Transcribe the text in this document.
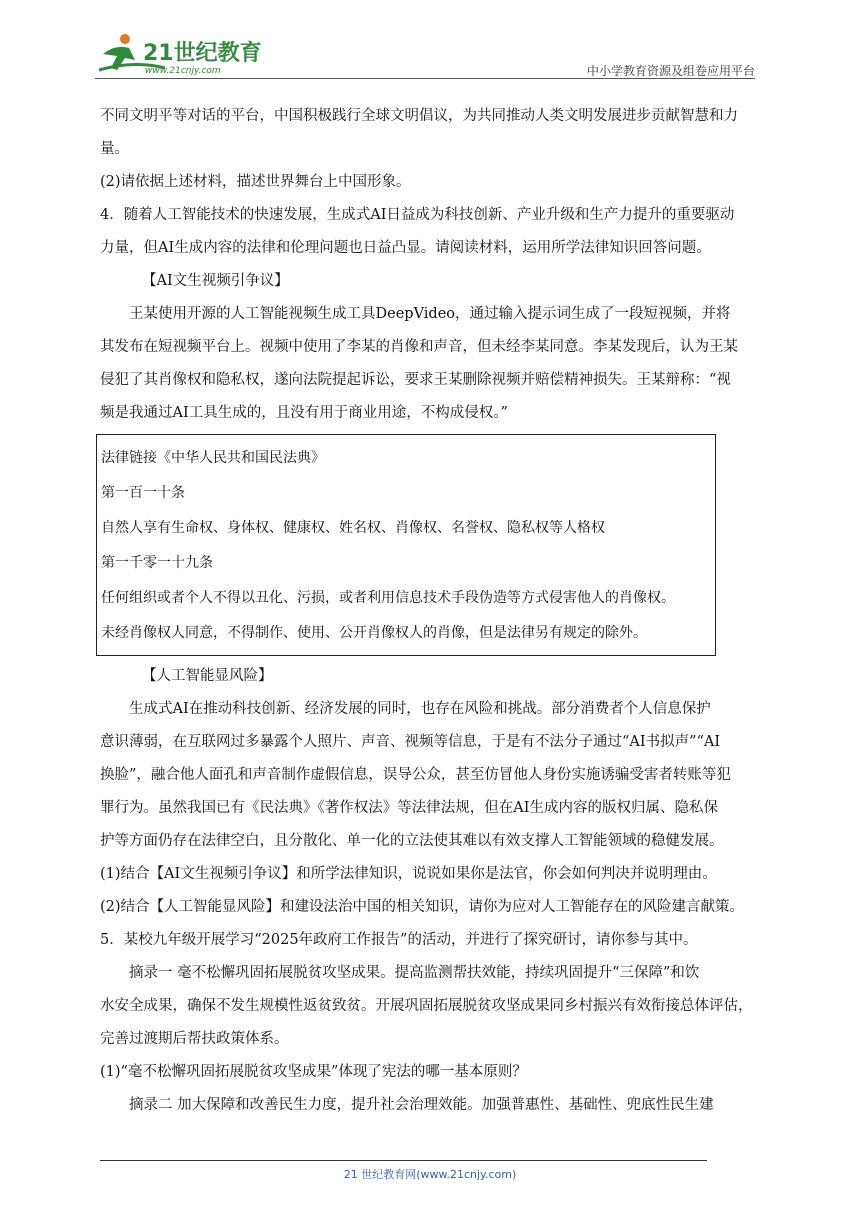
21世纪教育
www.21cnjy.com	中小学教育资源及组卷应用平台

不同文明平等对话的平台，中国积极践行全球文明倡议，为共同推动人类文明发展进步贡献智慧和力

量。

(2)请依据上述材料，描述世界舞台上中国形象。

4．随着人工智能技术的快速发展，生成式AI日益成为科技创新、产业升级和生产力提升的重要驱动

力量，但AI生成内容的法律和伦理问题也日益凸显。请阅读材料，运用所学法律知识回答问题。

【AI文生视频引争议】

王某使用开源的人工智能视频生成工具DeepVideo，通过输入提示词生成了一段短视频，并将

其发布在短视频平台上。视频中使用了李某的肖像和声音，但未经李某同意。李某发现后，认为王某

侵犯了其肖像权和隐私权，遂向法院提起诉讼，要求王某删除视频并赔偿精神损失。王某辩称：“视

频是我通过AI工具生成的，且没有用于商业用途，不构成侵权。”

法律链接《中华人民共和国民法典》

第一百一十条

自然人享有生命权、身体权、健康权、姓名权、肖像权、名誉权、隐私权等人格权

第一千零一十九条

任何组织或者个人不得以丑化、污损，或者利用信息技术手段伪造等方式侵害他人的肖像权。

未经肖像权人同意，不得制作、使用、公开肖像权人的肖像，但是法律另有规定的除外。

【人工智能显风险】

生成式AI在推动科技创新、经济发展的同时，也存在风险和挑战。部分消费者个人信息保护

意识薄弱，在互联网过多暴露个人照片、声音、视频等信息，于是有不法分子通过“AI书拟声”“AI

换脸”，融合他人面孔和声音制作虚假信息，误导公众，甚至仿冒他人身份实施诱骗受害者转账等犯

罪行为。虽然我国已有《民法典》《著作权法》等法律法规，但在AI生成内容的版权归属、隐私保

护等方面仍存在法律空白，且分散化、单一化的立法使其难以有效支撑人工智能领域的稳健发展。

(1)结合【AI文生视频引争议】和所学法律知识，说说如果你是法官，你会如何判决并说明理由。

(2)结合【人工智能显风险】和建设法治中国的相关知识，请你为应对人工智能存在的风险建言献策。

5．某校九年级开展学习“2025年政府工作报告”的活动，并进行了探究研讨，请你参与其中。

摘录一 毫不松懈巩固拓展脱贫攻坚成果。提高监测帮扶效能，持续巩固提升“三保障”和饮

水安全成果，确保不发生规模性返贫致贫。开展巩固拓展脱贫攻坚成果同乡村振兴有效衔接总体评估，

完善过渡期后帮扶政策体系。

(1)“毫不松懈巩固拓展脱贫攻坚成果”体现了宪法的哪一基本原则？

摘录二 加大保障和改善民生力度，提升社会治理效能。加强普惠性、基础性、兜底性民生建

21 世纪教育网(www.21cnjy.com)
